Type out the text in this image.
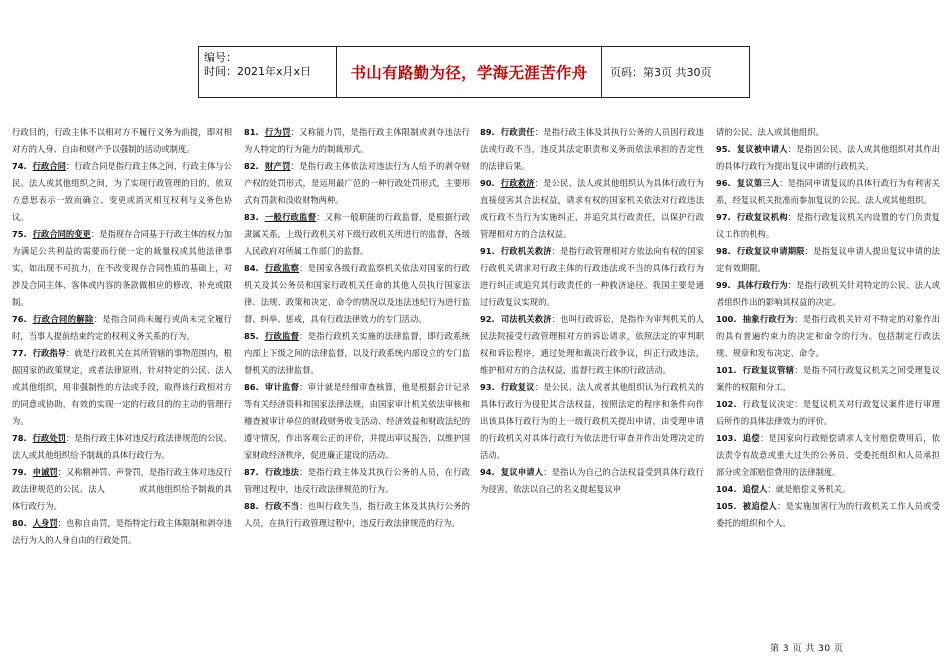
编号：
时间：2021年x月x日	书山有路勤为径，学海无涯苦作舟	页码：第3页 共30页

行政目的，行政主体不以相对方不履行义务为前提，即对相对方的人身、自由和财产予以强制的活动或制度。

74. 行政合同：行政合同是指行政主体之间，行政主体与公民、法人或其他组织之间，为了实现行政管理的目的，依双方意思表示一致而确立、变更或消灭相互权利与义务色协议。

75. 行政合同的变更：是指现存合同基于行政主体的权力加为满足公共利益的需要而行使一定的裁量权或其他法律事实，如出现不可抗力，在不改变现存合同性质的基础上，对涉及合同主体、客体或内容的条款做相应的修改，补充或限制。

76. 行政合同的解除：是指合同尚未履行或尚未完全履行时，当事人提前结束约定的权利义务关系的行为。

77. 行政指导：就是行政机关在其所管辖的事物范围内，根据国家的政策规定，或者法律原则，针对特定的公民、法人或其他组织，用非强制性的方法或手段，取得该行政相对方的同意或协助，有效的实现一定的行政目的的主动的管理行为。

78. 行政处罚：是指行政主体对违反行政法律规范的公民、法人或其他组织给予制裁的具体行政行为。

79. 申诫罚：又称精神罚、声誉罚，是指行政主体对违反行政法律规范的公民、法人　　　　或其他组织给予制裁的具体行政行为。

80. 人身罚：也称自由罚，是指特定行政主体限制和剥夺违法行为人的人身自由的行政处罚。

81. 行为罚：又称能力罚，是指行政主体限制或剥夺违法行为人特定的行为能力的制裁形式。

82. 财产罚：是指行政主体依法对违法行为人给予的剥夺财产权的处罚形式，是运用最广范的一种行政处罚形式，主要形式有罚款和没收财物两种。

83. 一般行政监督：又称一般职能的行政监督，是根据行政隶属关系，上级行政机关对下级行政机关所进行的监督，各级人民政府对所属工作部门的监督。

84. 行政监察：是国家各级行政监察机关依法对国家的行政机关及其公务员和国家行政机关任命的其他人员执行国家法律、法规、政策和决定、命令的情况以及违法违纪行为进行监督、纠举、惩戒，具有行政法律效力的专门活动。

85. 行政监督：是指行政机关实施的法律监督，即行政系统内部上下级之间的法律监督，以及行政系统内部设立的专门监督机关的法律监督。

86. 审计监督：审计就是经细审查核算，他是根据会计记录等有关经济资料和国家法律法规，由国家审计机关依法审核和稽查被审计单位的财政财务收支活动、经济效益和财政法纪的遵守情况，作出客观公正的评价，并提出审议报告，以维护国家财政经济秩序，促进廉正建设的活动。

87. 行政违法：是指行政主体及其执行公务的人员，在行政管理过程中，违反行政法律规范的行为。

88. 行政不当：也叫行政失当，指行政主体及其执行公务的人员，在执行行政管理过程中，违反行政法律规范的行为。

89. 行政责任：是指行政主体及其执行公务的人员因行政违法或行政不当，违反其法定职责和义务而依法承担的否定性的法律后果。

90. 行政救济：是公民、法人或其他组织认为具体行政行为直接侵害其合法权益，请求有权的国家机关依法对行政违法或行政不当行为实施纠正，并追究其行政责任，以保护行政管理相对方的合法权益。

91. 行政机关救济：是指行政管理相对方依法向有权的国家行政机关请求对行政主体的行政违法或不当的具体行政行为进行纠正或追究其行政责任的一种救济途径。我国主要是通过行政复议实现的。

92. 司法机关救济：也叫行政诉讼，是指作为审判机关的人民法院接受行政管理相对方的诉讼请求，依照法定的审判职权和诉讼程序，通过处理和裁决行政争议，纠正行政违法，维护相对方的合法权益，监督行政主体的行政活动。

93. 行政复议：是公民、法人或者其他组织认为行政机关的具体行政行为侵犯其合法权益，按照法定的程序和条件向作出该具体行政行为的上一级行政机关提出申请，由受理申请的行政机关对具体行政行为依法进行审查并作出处理决定的活动。

94. 复议申请人：是指认为自己的合法权益受到具体行政行为侵害，依法以自己的名义提起复议申

请的公民、法人或其他组织。

95. 复议被申请人：是指因公民、法人或其他组织对其作出的具体行政行为提出复议申请的行政机关。

96. 复议第三人：是指同申请复议的具体行政行为有利害关系，经复议机关批准而参加复议的公民、法人或其他组织。

97. 行政复议机构：是指行政复议机关内设置的专门负责复议工作的机构。

98. 行政复议申请期限：是指复议申请人提出复议申请的法定有效期限。

99. 具体行政行为：是指行政机关针对特定的公民、法人或者组织作出的影响其权益的决定。

100. 抽象行政行为：是指行政机关针对不特定的对象作出的具有普遍约束力的决定和命令的行为。包括制定行政法规、规章和发布决定、命令。

101. 行政复议管辖：是指不同行政复议机关之间受理复议案件的权限和分工。

102. 行政复议决定：是复议机关对行政复议案件进行审理后所作的具体法律效力的评价。

103. 追偿：是国家向行政赔偿请求人支付赔偿费用后，依法责令有故意或重大过失的公务员、受委托组织和人员承担部分或全部赔偿费用的法律制度。

104. 追偿人：就是赔偿义务机关。

105. 被追偿人：是实施加害行为的行政机关工作人员或受委托的组织和个人。

第 3 页 共 30 页
